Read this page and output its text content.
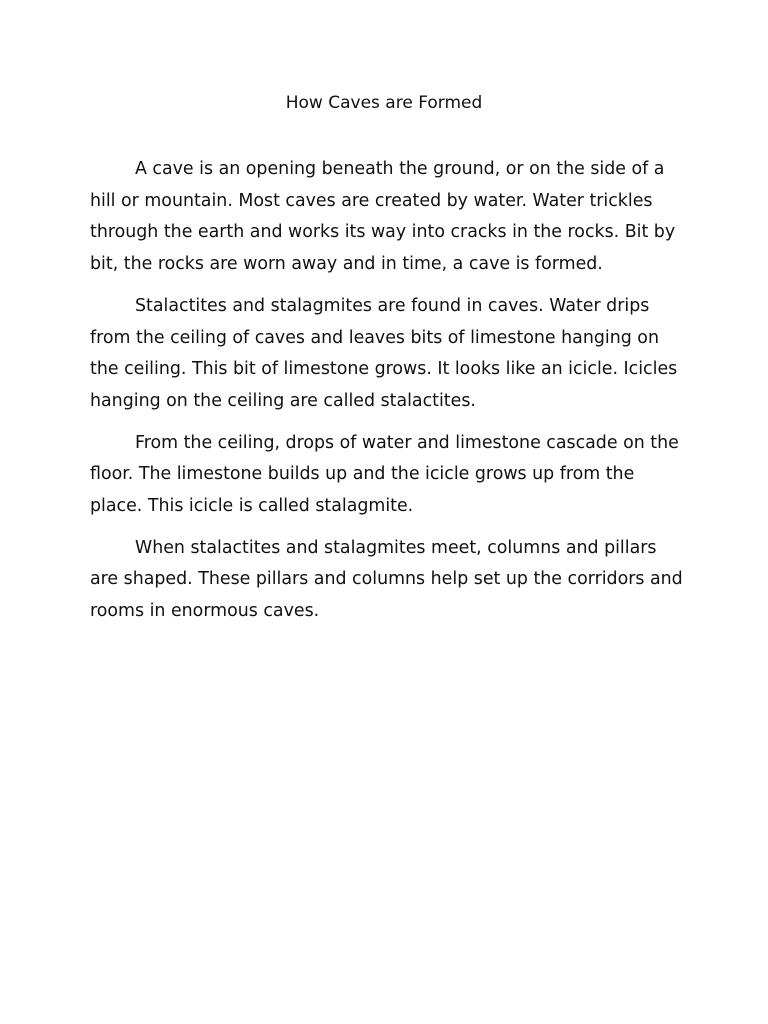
How Caves are Formed

A cave is an opening beneath the ground, or on the side of a hill or mountain. Most caves are created by water. Water trickles through the earth and works its way into cracks in the rocks. Bit by bit, the rocks are worn away and in time, a cave is formed.

Stalactites and stalagmites are found in caves. Water drips from the ceiling of caves and leaves bits of limestone hanging on the ceiling. This bit of limestone grows. It looks like an icicle. Icicles hanging on the ceiling are called stalactites.

From the ceiling, drops of water and limestone cascade on the floor. The limestone builds up and the icicle grows up from the place. This icicle is called stalagmite.

When stalactites and stalagmites meet, columns and pillars are shaped. These pillars and columns help set up the corridors and rooms in enormous caves.
